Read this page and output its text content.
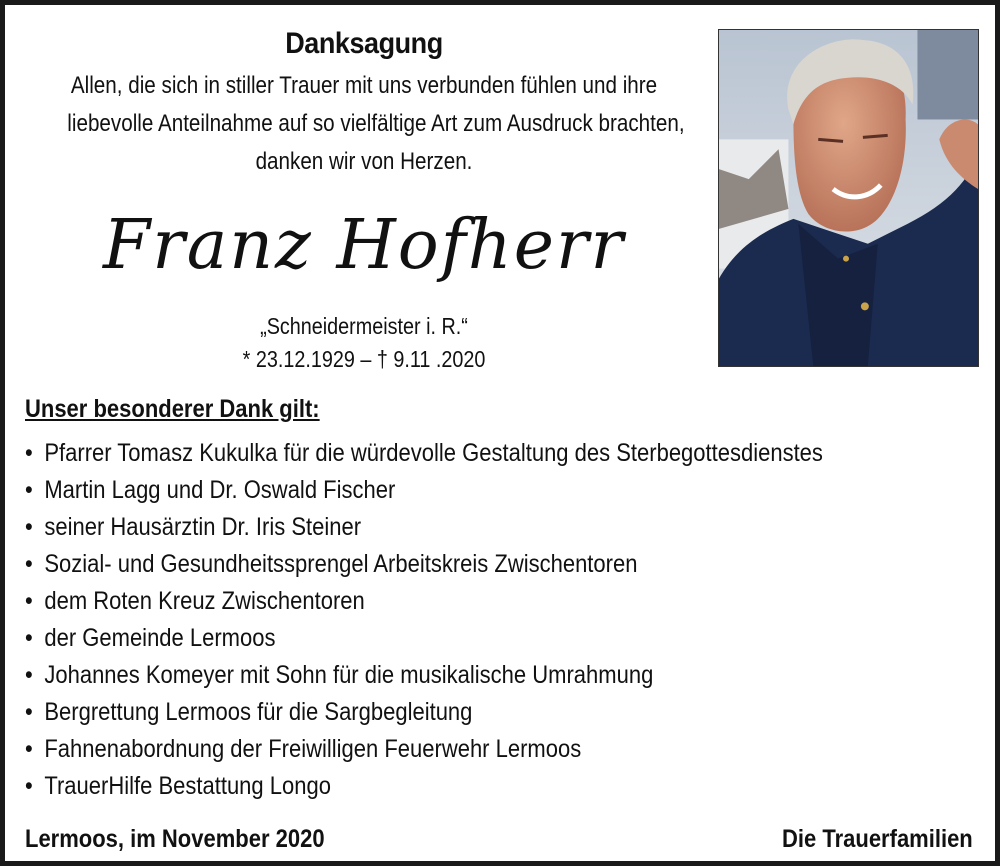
Danksagung
Allen, die sich in stiller Trauer mit uns verbunden fühlen und ihre
liebevolle Anteilnahme auf so vielfältige Art zum Ausdruck brachten,
danken wir von Herzen.
Franz Hofherr
„Schneidermeister i. R.“
* 23.12.1929 – † 9.11 .2020
Unser besonderer Dank gilt:
• Pfarrer Tomasz Kukulka für die würdevolle Gestaltung des Sterbegottesdienstes
• Martin Lagg und Dr. Oswald Fischer
• seiner Hausärztin Dr. Iris Steiner
• Sozial- und Gesundheitssprengel Arbeitskreis Zwischentoren
• dem Roten Kreuz Zwischentoren
• der Gemeinde Lermoos
• Johannes Komeyer mit Sohn für die musikalische Umrahmung
• Bergrettung Lermoos für die Sargbegleitung
• Fahnenabordnung der Freiwilligen Feuerwehr Lermoos
• TrauerHilfe Bestattung Longo
Lermoos, im November 2020	Die Trauerfamilien
